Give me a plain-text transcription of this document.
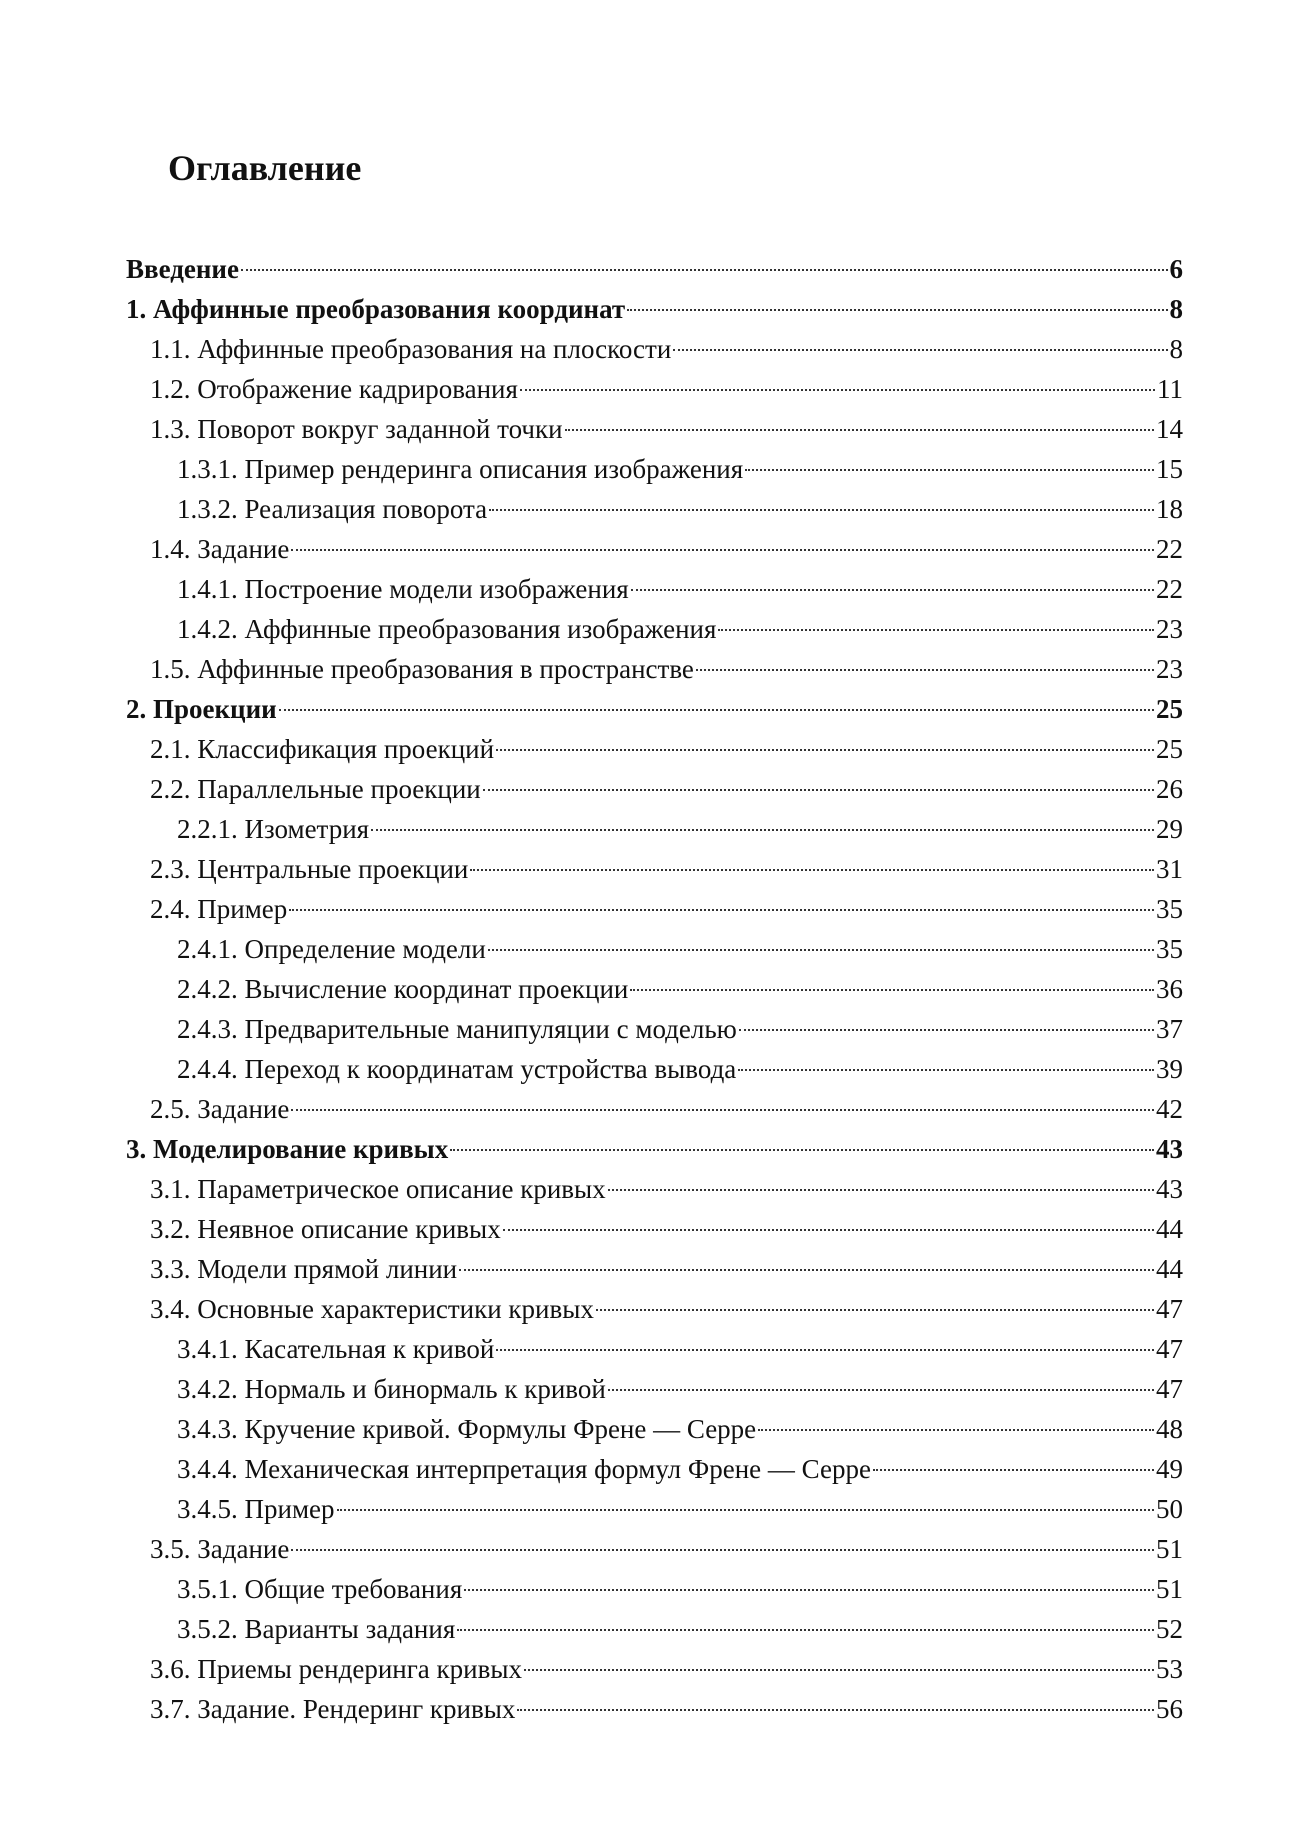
Оглавление
Введение	6
1. Аффинные преобразования координат	8
1.1. Аффинные преобразования на плоскости	8
1.2. Отображение кадрирования	11
1.3. Поворот вокруг заданной точки	14
1.3.1. Пример рендеринга описания изображения	15
1.3.2. Реализация поворота	18
1.4. Задание	22
1.4.1. Построение модели изображения	22
1.4.2. Аффинные преобразования изображения	23
1.5. Аффинные преобразования в пространстве	23
2. Проекции	25
2.1. Классификация проекций	25
2.2. Параллельные проекции	26
2.2.1. Изометрия	29
2.3. Центральные проекции	31
2.4. Пример	35
2.4.1. Определение модели	35
2.4.2. Вычисление координат проекции	36
2.4.3. Предварительные манипуляции с моделью	37
2.4.4. Переход к координатам устройства вывода	39
2.5. Задание	42
3. Моделирование кривых	43
3.1. Параметрическое описание кривых	43
3.2. Неявное описание кривых	44
3.3. Модели прямой линии	44
3.4. Основные характеристики кривых	47
3.4.1. Касательная к кривой	47
3.4.2. Нормаль и бинормаль к кривой	47
3.4.3. Кручение кривой. Формулы Френе — Серре	48
3.4.4. Механическая интерпретация формул Френе — Серре	49
3.4.5. Пример	50
3.5. Задание	51
3.5.1. Общие требования	51
3.5.2. Варианты задания	52
3.6. Приемы рендеринга кривых	53
3.7. Задание. Рендеринг кривых	56
